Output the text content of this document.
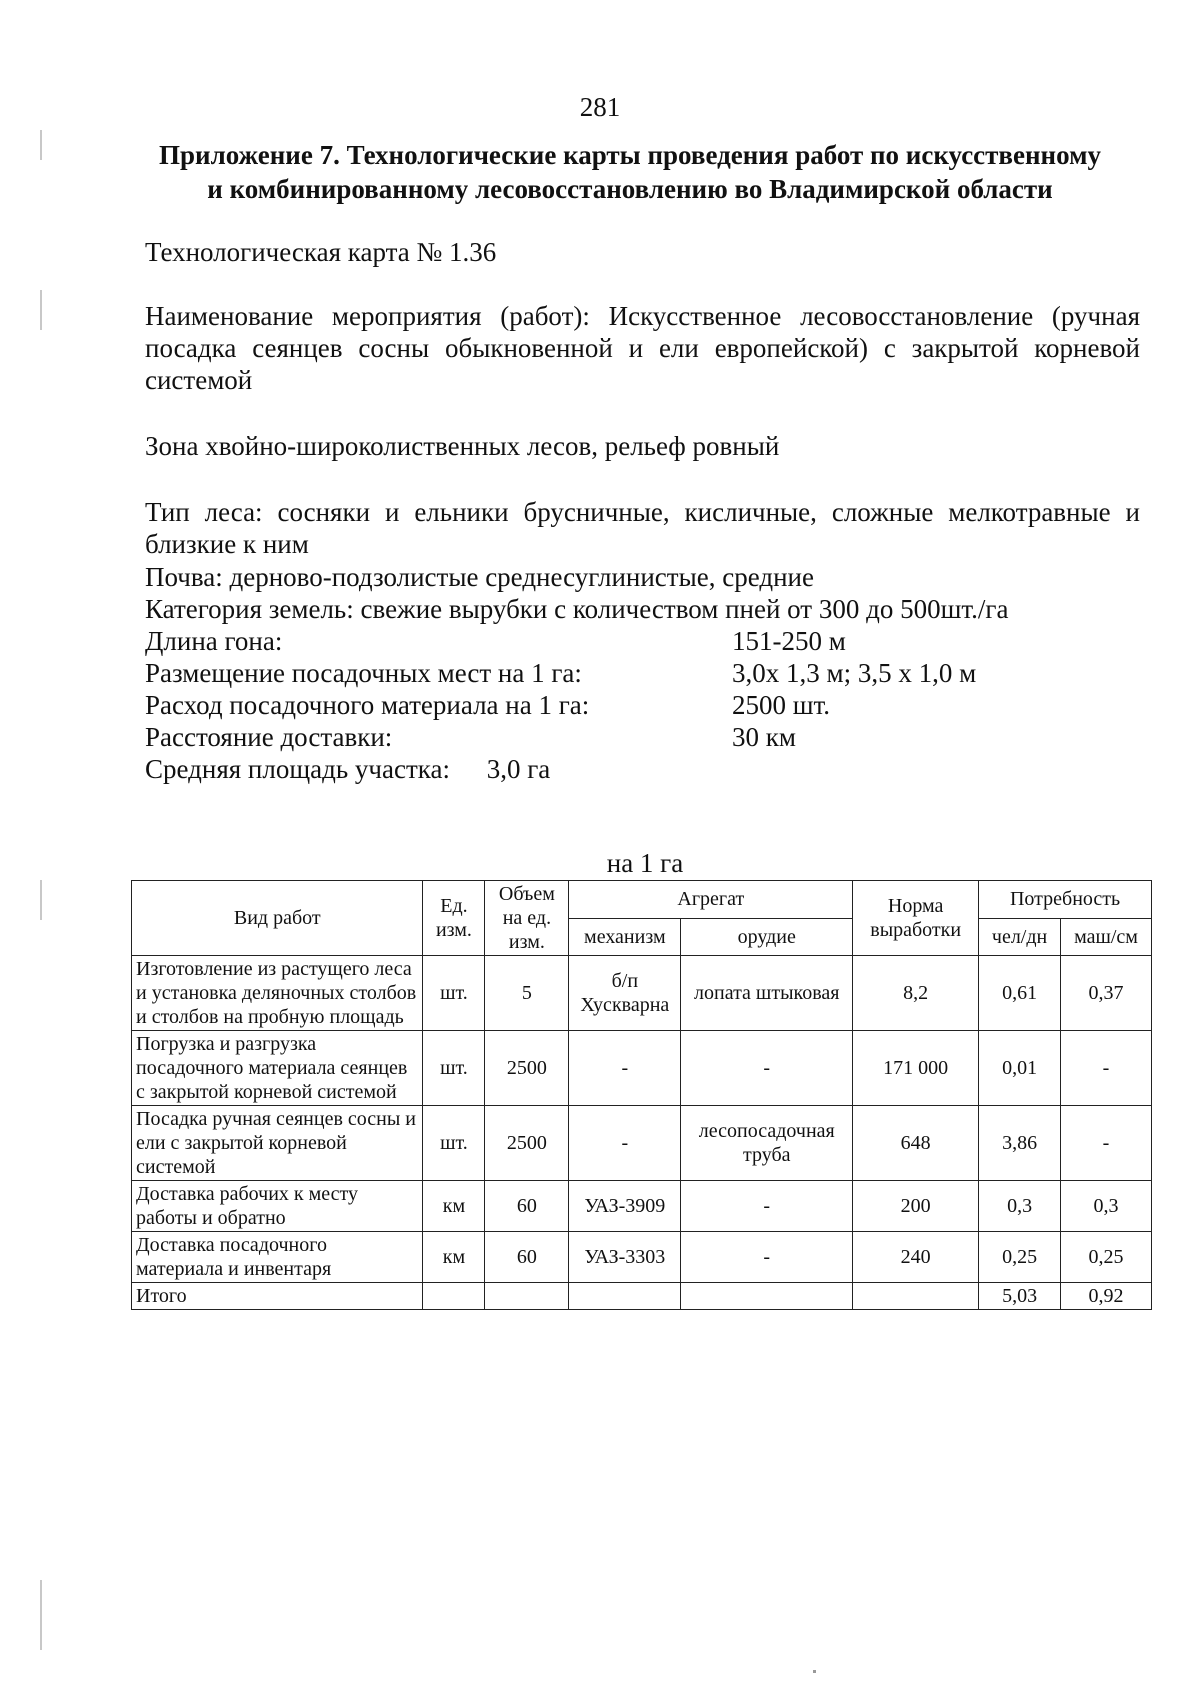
281
Приложение 7. Технологические карты проведения работ по искусственному
и комбинированному лесовосстановлению во Владимирской области
Технологическая карта № 1.36
Наименование мероприятия (работ): Искусственное лесовосстановление (ручная посадка сеянцев сосны обыкновенной и ели европейской) с закрытой корневой системой
Зона хвойно-широколиственных лесов, рельеф ровный
Тип леса: сосняки и ельники брусничные, кисличные, сложные мелкотравные и близкие к ним
Почва: дерново-подзолистые среднесуглинистые, средние
Категория земель: свежие вырубки с количеством пней от 300 до 500шт./га
Длина гона:	151-250 м
Размещение посадочных мест на 1 га:	3,0х 1,3 м; 3,5 х 1,0 м
Расход посадочного материала на 1 га:	2500 шт.
Расстояние доставки:	30 км
Средняя площадь участка: 3,0 га
на 1 га
Вид работ	Ед. изм.	Объем на ед. изм.	Агрегат		Норма выработки	Потребность	
			механизм	орудие		чел/дн	маш/см
Изготовление из растущего леса и установка деляночных столбов и столбов на пробную площадь	шт.	5	б/п Хускварна	лопата штыковая	8,2	0,61	0,37
Погрузка и разгрузка посадочного материала сеянцев с закрытой корневой системой	шт.	2500	-	-	171 000	0,01	-
Посадка ручная сеянцев сосны и ели с закрытой корневой системой	шт.	2500	-	лесопосадочная труба	648	3,86	-
Доставка рабочих к месту работы и обратно	км	60	УАЗ-3909	-	200	0,3	0,3
Доставка посадочного материала и инвентаря	км	60	УАЗ-3303	-	240	0,25	0,25
Итого						5,03	0,92
